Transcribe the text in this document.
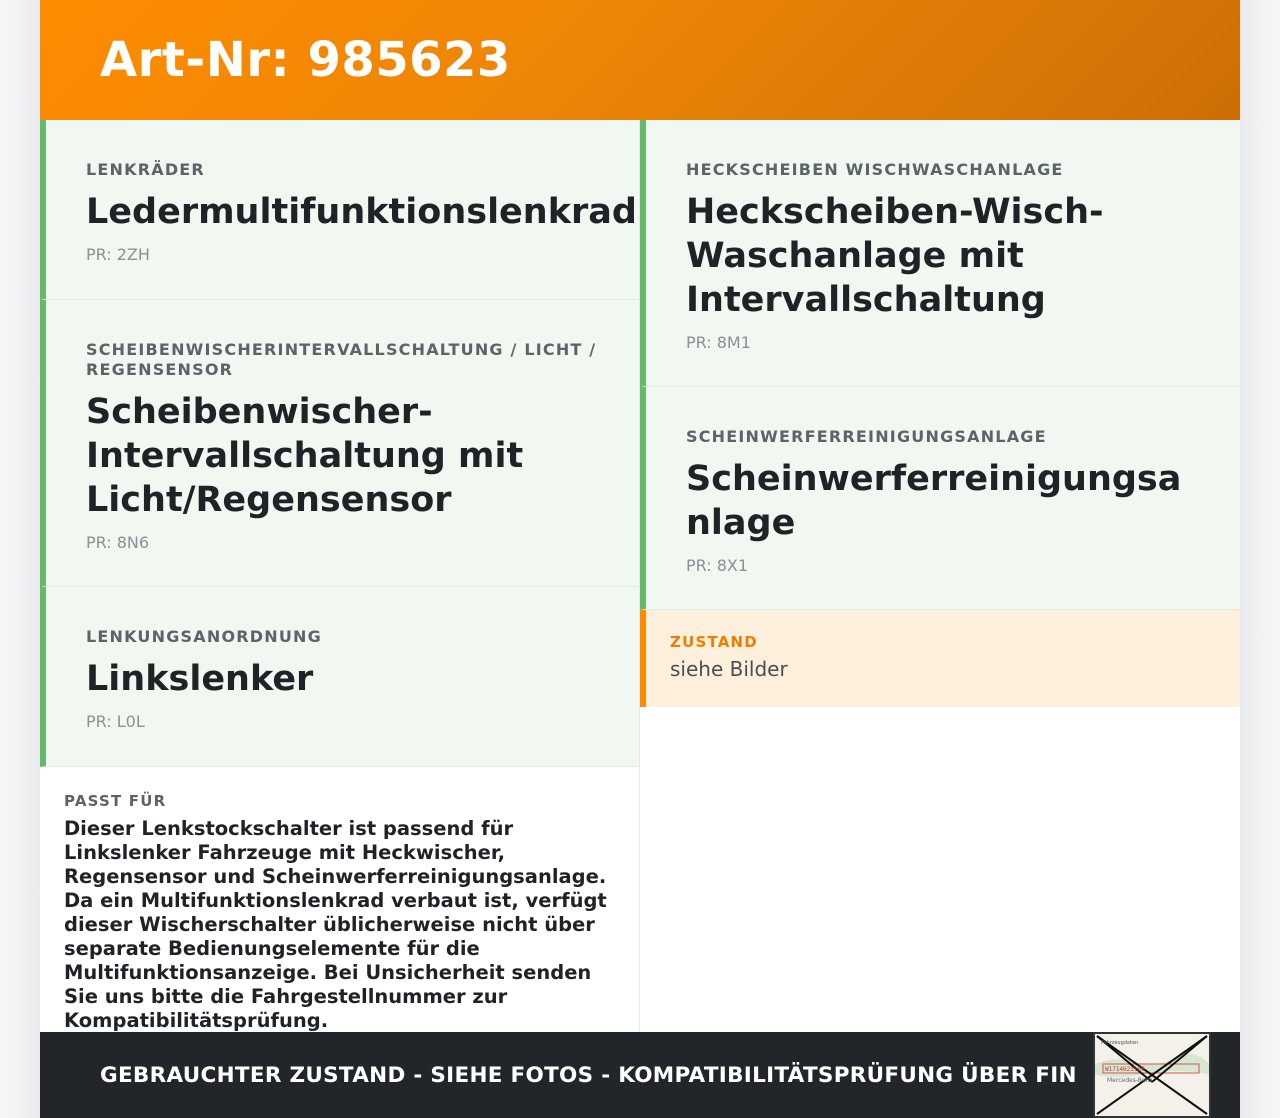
Art-Nr: 985623
LENKRÄDER
Ledermultifunktionslenkrad
PR: 2ZH
SCHEIBENWISCHERINTERVALLSCHALTUNG / LICHT / REGENSENSOR
Scheibenwischer-Intervallschaltung mit Licht/Regensensor
PR: 8N6
LENKUNGSANORDNUNG
Linkslenker
PR: L0L
PASST FÜR
Dieser Lenkstockschalter ist passend für Linkslenker Fahrzeuge mit Heckwischer, Regensensor und Scheinwerferreinigungsanlage. Da ein Multifunktionslenkrad verbaut ist, verfügt dieser Wischerschalter üblicherweise nicht über separate Bedienungselemente für die Multifunktionsanzeige. Bei Unsicherheit senden Sie uns bitte die Fahrgestellnummer zur Kompatibilitätsprüfung.
HECKSCHEIBEN WISCHWASCHANLAGE
Heckscheiben-Wisch-Waschanlage mit Intervallschaltung
PR: 8M1
SCHEINWERFERREINIGUNGSANLAGE
Scheinwerferreinigungsanlage
PR: 8X1
ZUSTAND
siehe Bilder
GEBRAUCHTER ZUSTAND - SIEHE FOTOS - KOMPATIBILITÄTSPRÜFUNG ÜBER FIN
Fahrzeugdaten
W1714623156
Mercedes-Benz
